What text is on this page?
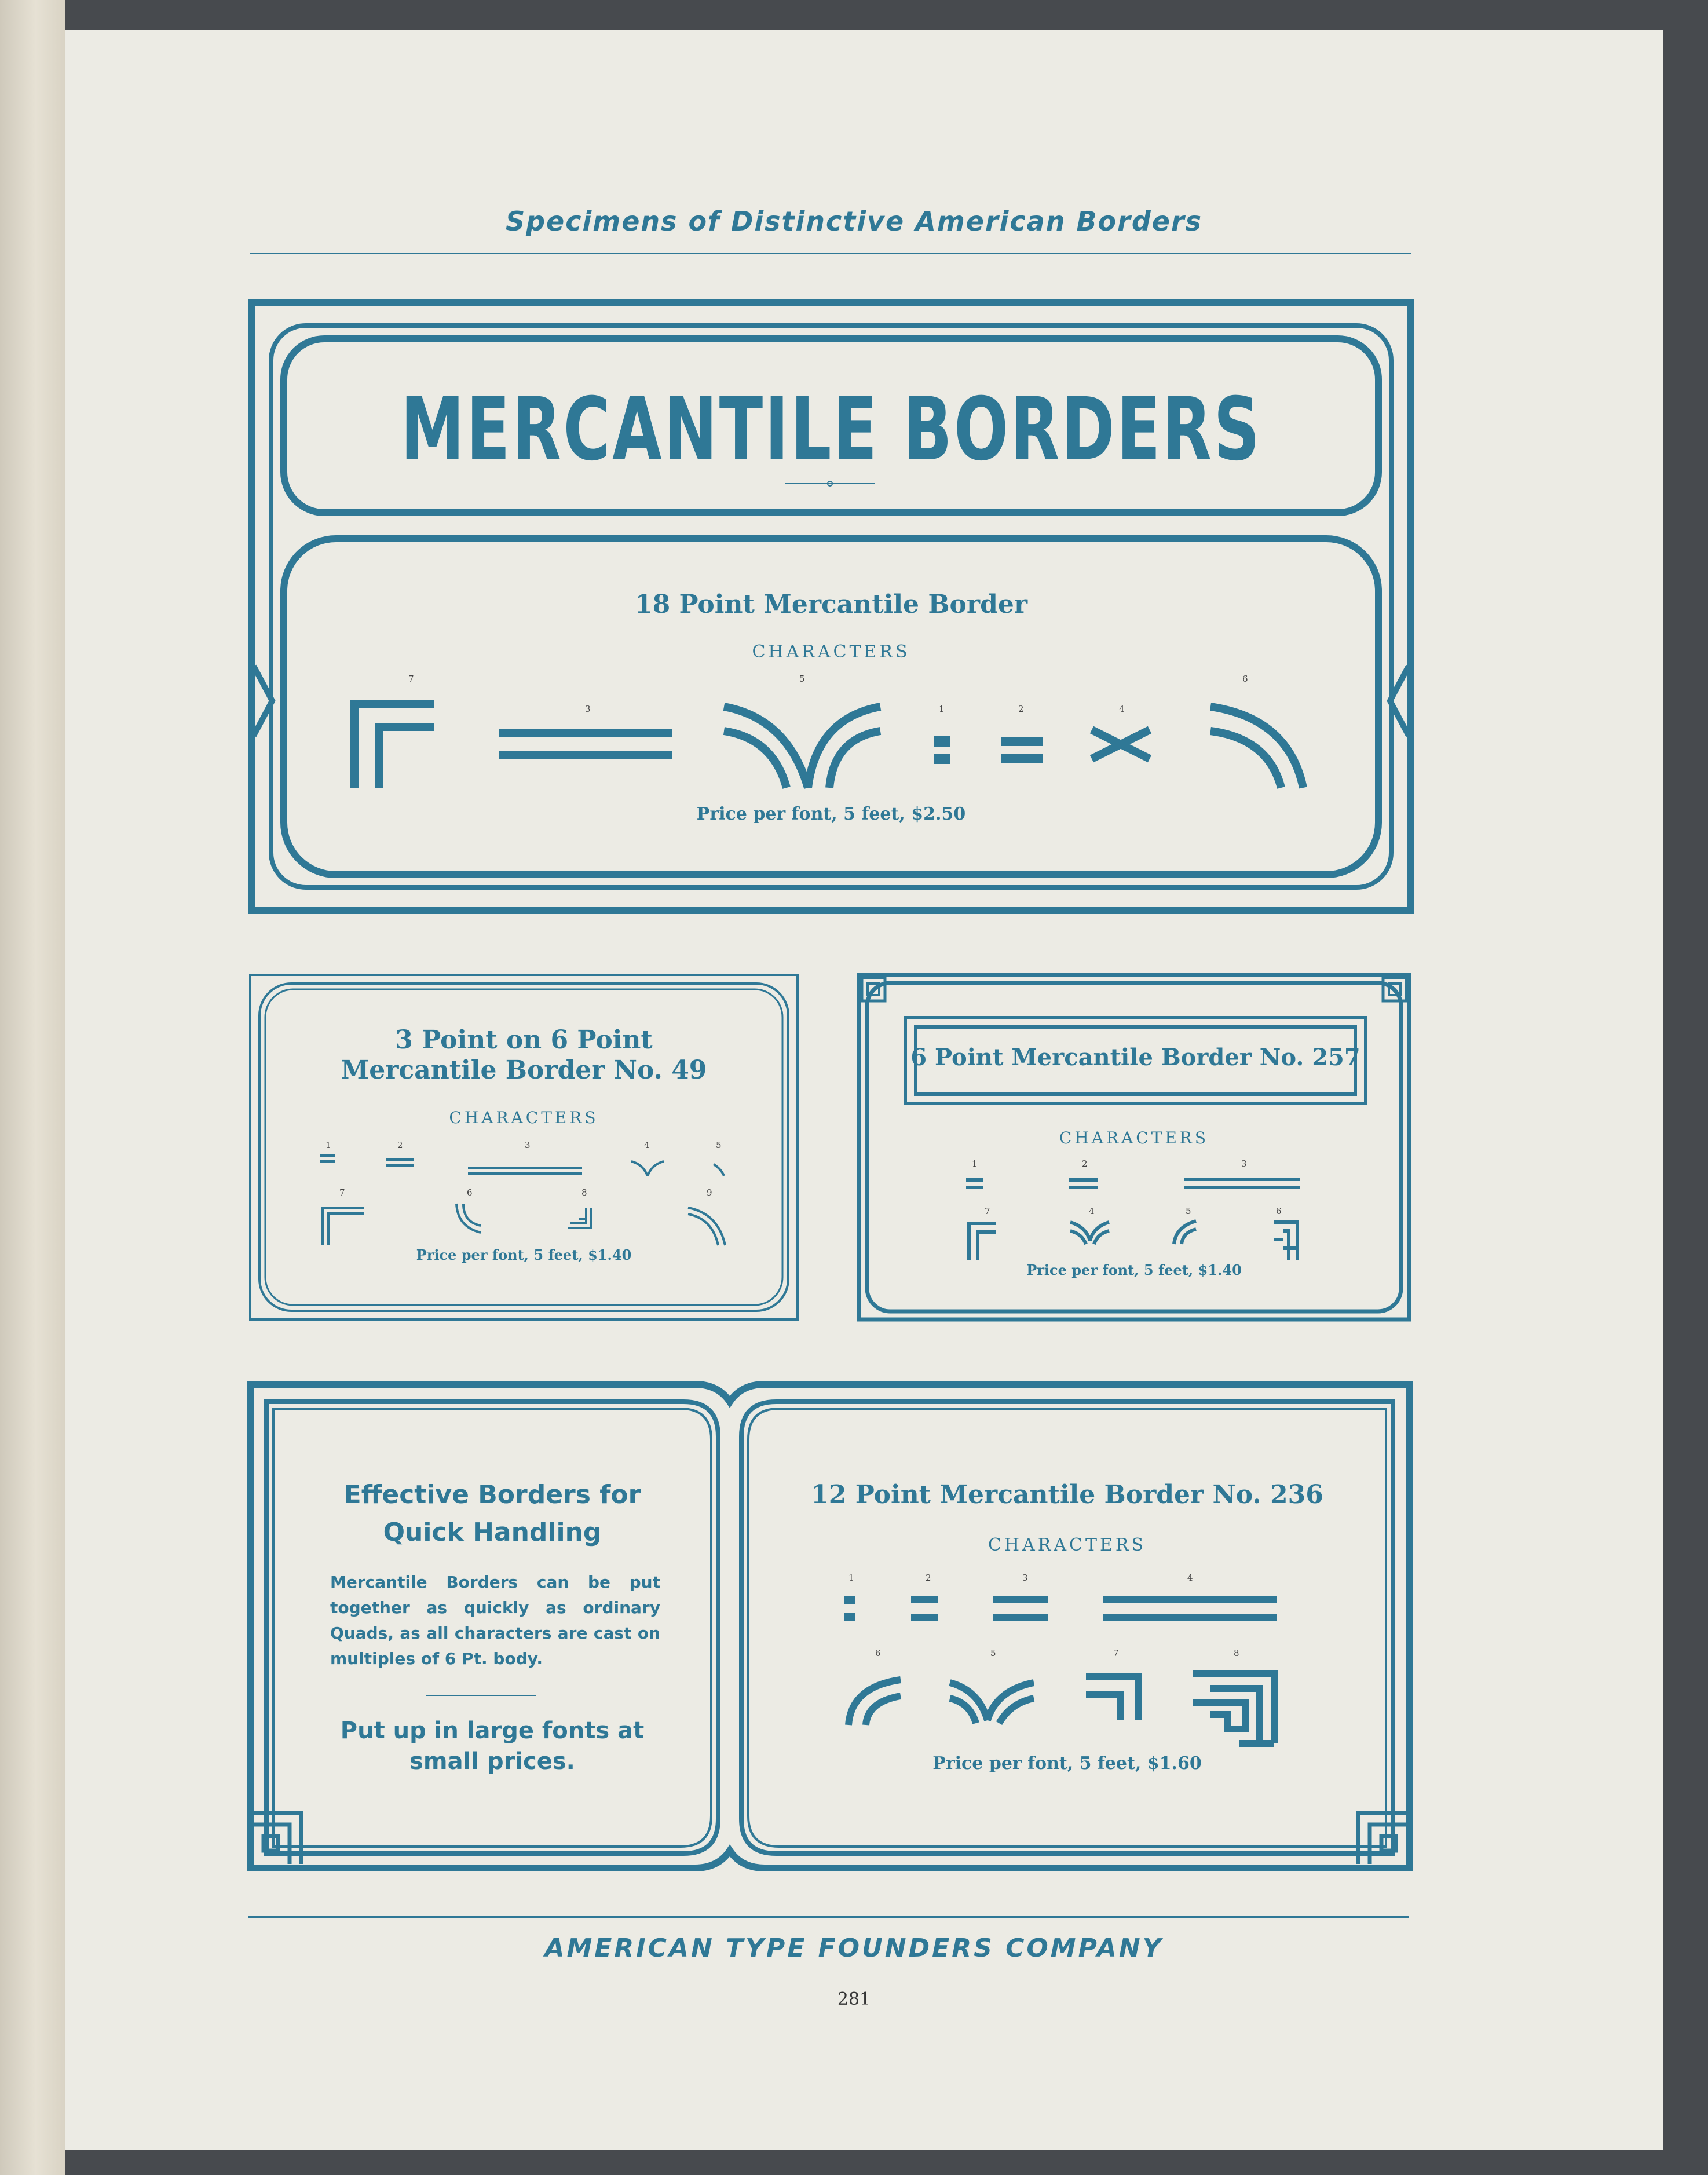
Specimens of Distinctive American Borders
MERCANTILE BORDERS
18 Point Mercantile Border
CHARACTERS
Price per font, 5 feet, $2.50
7
3
5
1	2	4
6
3 Point on 6 Point
Mercantile Border No. 49
CHARACTERS
Price per font, 5 feet, $1.40
1	2	3	4	5
7	6	8	9
6 Point Mercantile Border No. 257
CHARACTERS
Price per font, 5 feet, $1.40
1	2	3
7	4	5	6
Effective Borders for
Quick Handling
Mercantile Borders can be put together as quickly as ordinary Quads, as all characters are cast on multiples of 6 Pt. body.
Put up in large fonts at
small prices.
12 Point Mercantile Border No. 236
CHARACTERS
Price per font, 5 feet, $1.60
1	2	3	4
6	5	7	8
AMERICAN TYPE FOUNDERS COMPANY
281
